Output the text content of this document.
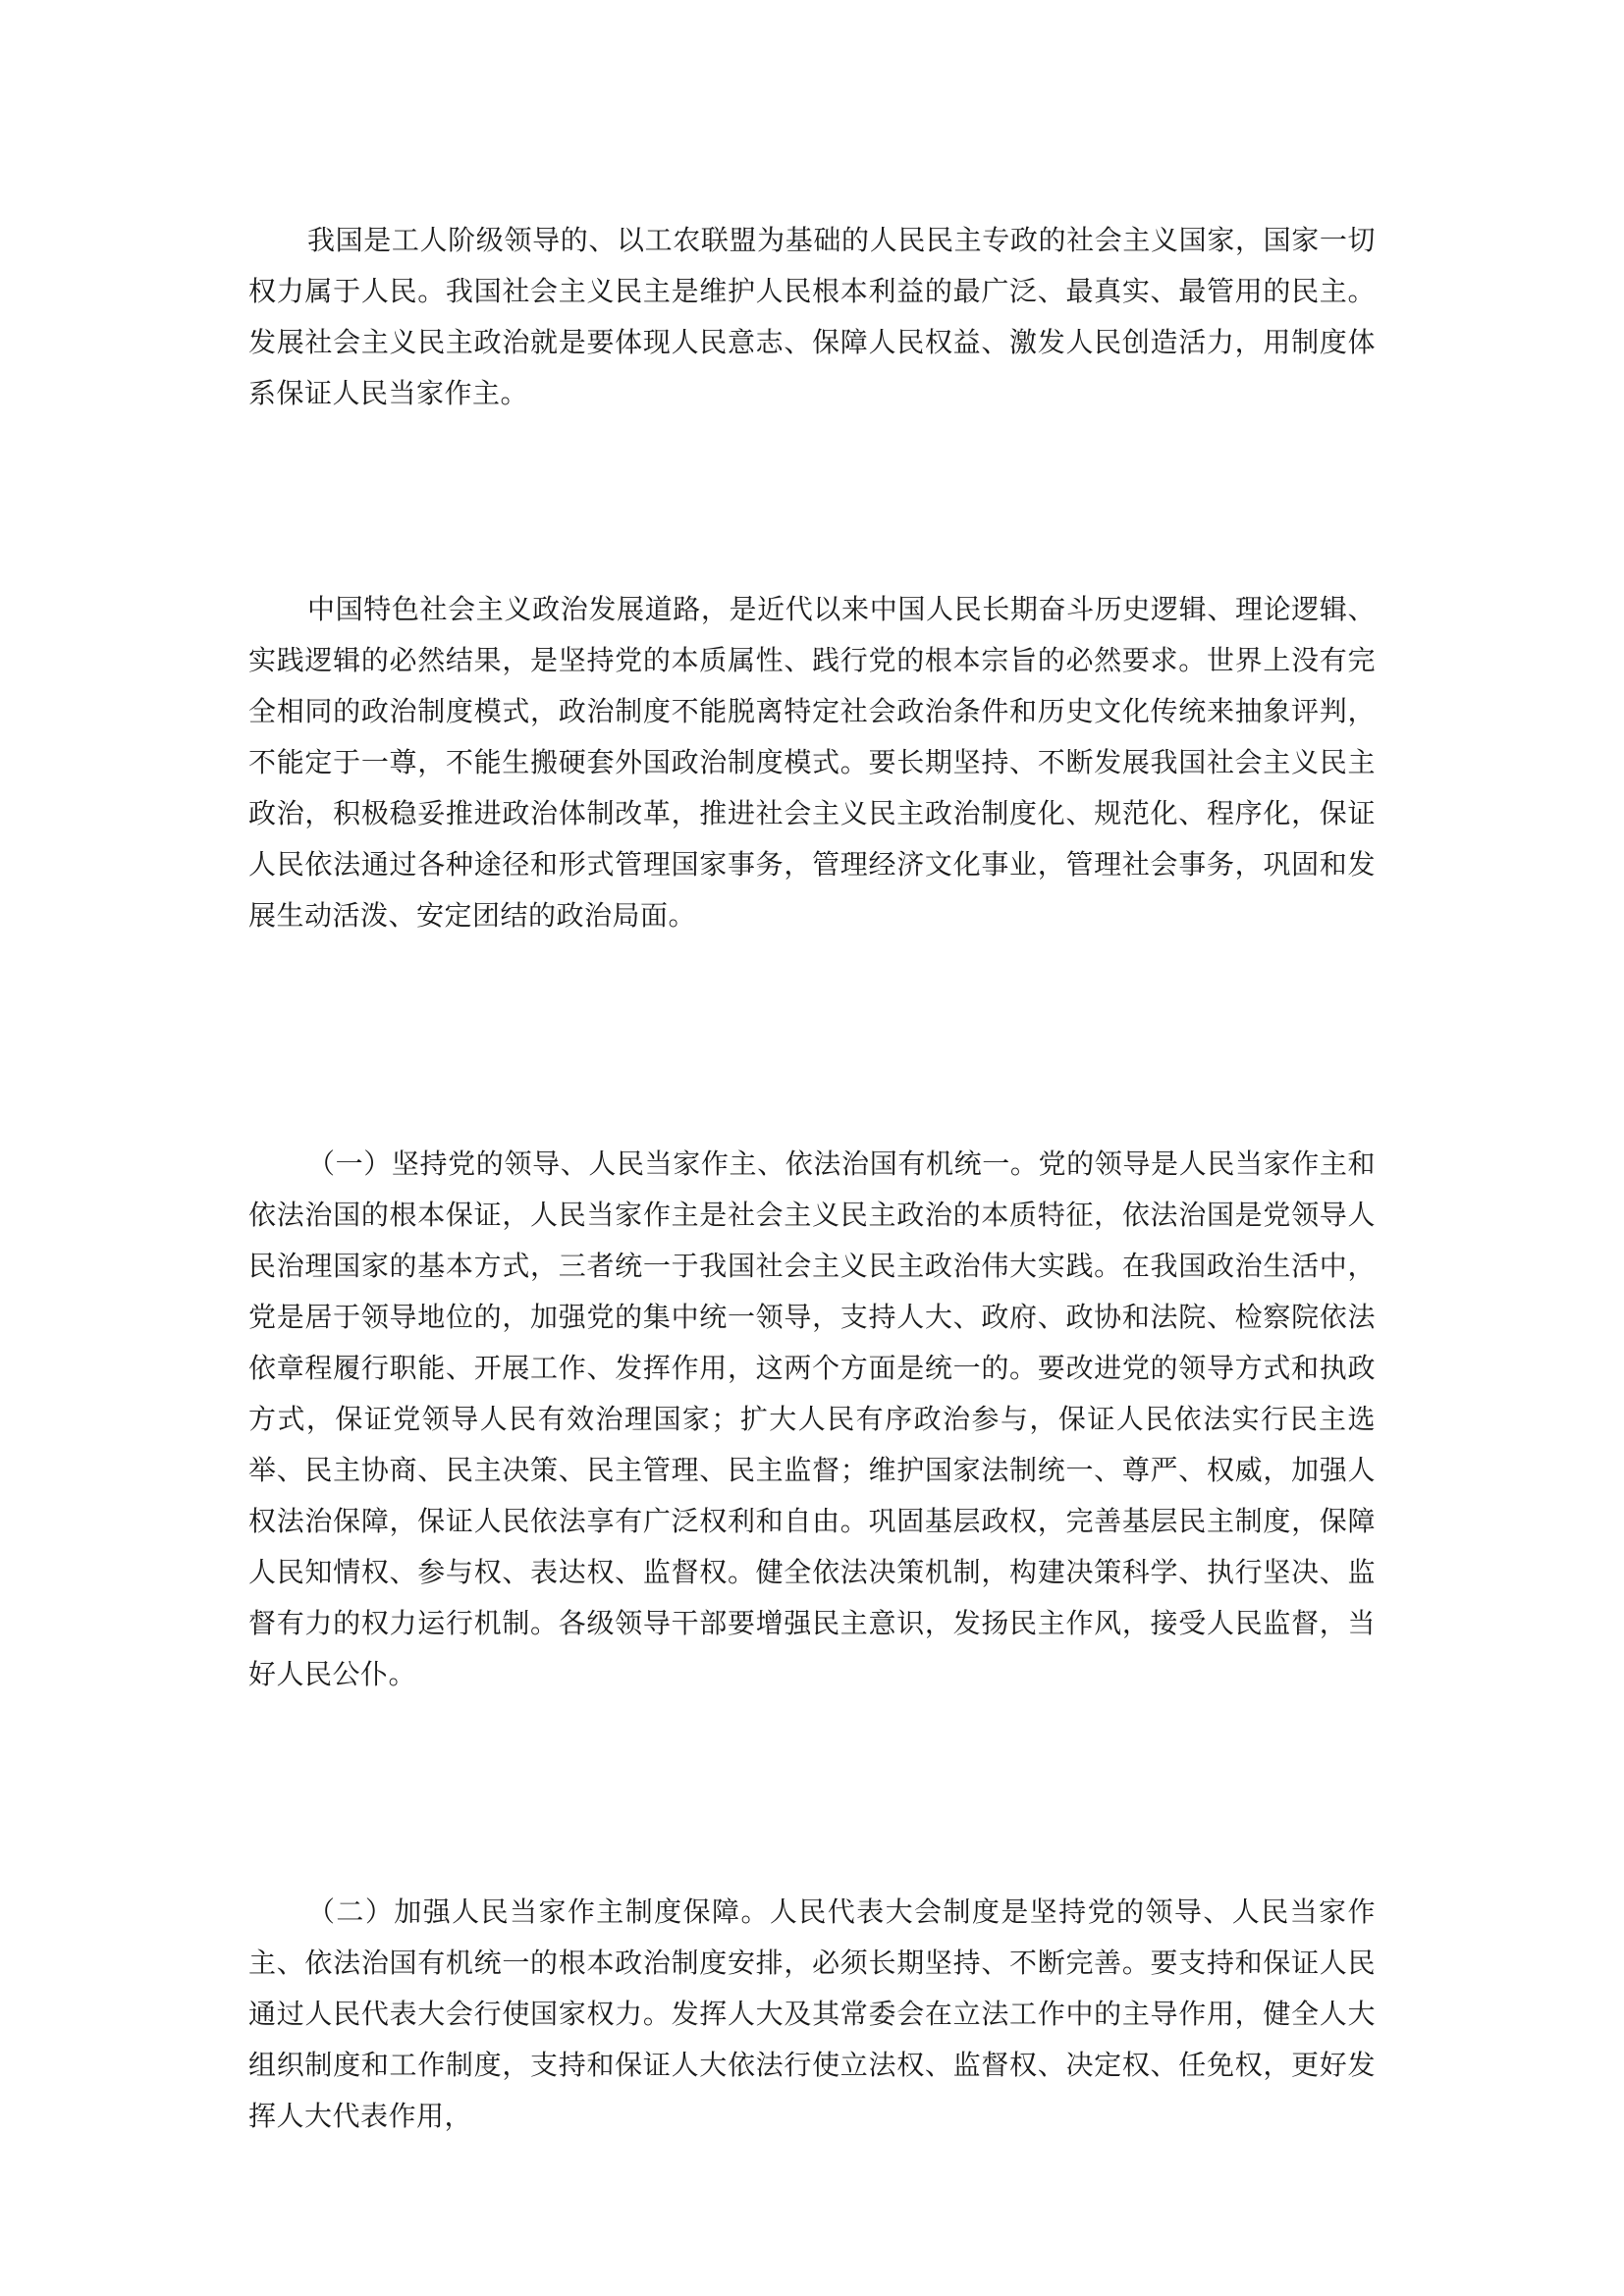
我国是工人阶级领导的、以工农联盟为基础的人民民主专政的社会主义国家，国家一切权力属于人民。我国社会主义民主是维护人民根本利益的最广泛、最真实、最管用的民主。发展社会主义民主政治就是要体现人民意志、保障人民权益、激发人民创造活力，用制度体系保证人民当家作主。

中国特色社会主义政治发展道路，是近代以来中国人民长期奋斗历史逻辑、理论逻辑、实践逻辑的必然结果，是坚持党的本质属性、践行党的根本宗旨的必然要求。世界上没有完全相同的政治制度模式，政治制度不能脱离特定社会政治条件和历史文化传统来抽象评判，不能定于一尊，不能生搬硬套外国政治制度模式。要长期坚持、不断发展我国社会主义民主政治，积极稳妥推进政治体制改革，推进社会主义民主政治制度化、规范化、程序化，保证人民依法通过各种途径和形式管理国家事务，管理经济文化事业，管理社会事务，巩固和发展生动活泼、安定团结的政治局面。

（一）坚持党的领导、人民当家作主、依法治国有机统一。党的领导是人民当家作主和依法治国的根本保证，人民当家作主是社会主义民主政治的本质特征，依法治国是党领导人民治理国家的基本方式，三者统一于我国社会主义民主政治伟大实践。在我国政治生活中，党是居于领导地位的，加强党的集中统一领导，支持人大、政府、政协和法院、检察院依法依章程履行职能、开展工作、发挥作用，这两个方面是统一的。要改进党的领导方式和执政方式，保证党领导人民有效治理国家；扩大人民有序政治参与，保证人民依法实行民主选举、民主协商、民主决策、民主管理、民主监督；维护国家法制统一、尊严、权威，加强人权法治保障，保证人民依法享有广泛权利和自由。巩固基层政权，完善基层民主制度，保障人民知情权、参与权、表达权、监督权。健全依法决策机制，构建决策科学、执行坚决、监督有力的权力运行机制。各级领导干部要增强民主意识，发扬民主作风，接受人民监督，当好人民公仆。

（二）加强人民当家作主制度保障。人民代表大会制度是坚持党的领导、人民当家作主、依法治国有机统一的根本政治制度安排，必须长期坚持、不断完善。要支持和保证人民通过人民代表大会行使国家权力。发挥人大及其常委会在立法工作中的主导作用，健全人大组织制度和工作制度，支持和保证人大依法行使立法权、监督权、决定权、任免权，更好发挥人大代表作用，
